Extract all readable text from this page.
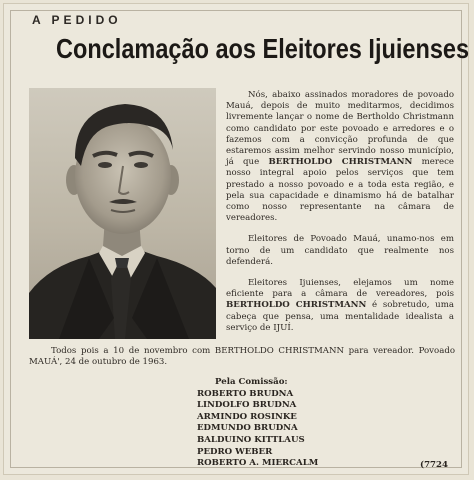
A PEDIDO
Conclamação aos Eleitores Ijuienses

Nós, abaixo assinados moradores de povoado Mauá, depois de muito meditarmos, decidimos livremente lançar o nome de Bertholdo Christmann como candidato por este povoado e arredores e o fazemos com a convicção profunda de que estaremos assim melhor servindo nosso município, já que BERTHOLDO CHRISTMANN merece nosso integral apoio pelos serviços que tem prestado a nosso povoado e a toda esta região, e pela sua capacidade e dinamismo há de batalhar como nosso representante na câmara de vereadores.

Eleitores de Povoado Mauá, unamo-nos em torno de um candidato que realmente nos defenderá.

Eleitores Ijuienses, elejamos um nome eficiente para a câmara de vereadores, pois BERTHOLDO CHRISTMANN é sobretudo, uma cabeça que pensa, uma mentalidade idealista a serviço de IJUÍ.

Todos pois a 10 de novembro com BERTHOLDO CHRISTMANN para vereador. Povoado MAUÁ', 24 de outubro de 1963.

Pela Comissão:
ROBERTO BRUDNA
LINDOLFO BRUDNA
ARMINDO ROSINKE
EDMUNDO BRUDNA
BALDUINO KITTLAUS
PEDRO WEBER
ROBERTO A. MIERCALM	(7724
